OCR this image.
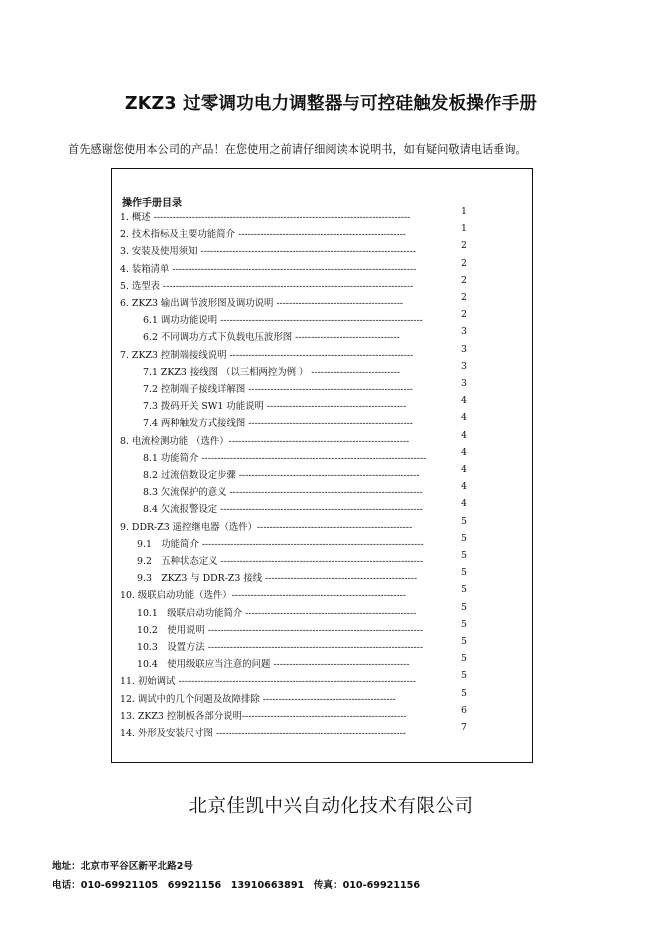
ZKZ3 过零调功电力调整器与可控硅触发板操作手册
首先感谢您使用本公司的产品！在您使用之前请仔细阅读本说明书，如有疑问敬请电话垂询。
操作手册目录
1. 概述 ---------------------------------------------------------------------------------
1
2. 技术指标及主要功能简介 -----------------------------------------------------
1
3. 安装及使用须知 --------------------------------------------------------------------
2
4. 装箱清单 -----------------------------------------------------------------------------
2
5. 选型表 -------------------------------------------------------------------------------
2
6. ZKZ3 输出调节波形图及调功说明 ----------------------------------------
2
6.1 调功功能说明 ----------------------------------------------------------------
2
6.2 不同调功方式下负载电压波形图 ---------------------------------
3
7. ZKZ3 控制端接线说明 ----------------------------------------------------------
3
7.1 ZKZ3 接线图 （以三相两控为例 ） ----------------------------
3
7.2 控制端子接线详解图 ----------------------------------------------------
3
7.3 拨码开关 SW1 功能说明 --------------------------------------------
4
7.4 两种触发方式接线图 ----------------------------------------------------
4
8. 电流检测功能 （选件）---------------------------------------------------------
4
8.1 功能简介 -----------------------------------------------------------------------
4
8.2 过流倍数设定步骤 ---------------------------------------------------------
4
8.3 欠流保护的意义 -------------------------------------------------------------
4
8.4 欠流报警设定 ----------------------------------------------------------------
4
9. DDR-Z3 遥控继电器（选件）-------------------------------------------------
5
9.1　功能简介 ----------------------------------------------------------------------
5
9.2　五种状态定义 ----------------------------------------------------------------
5
9.3　ZKZ3 与 DDR-Z3 接线 ------------------------------------------------
5
10. 级联启动功能（选件）-------------------------------------------------------
5
10.1　级联启动功能简介 ------------------------------------------------------
5
10.2　使用说明 --------------------------------------------------------------------
5
10.3　设置方法 --------------------------------------------------------------------
5
10.4　使用级联应当注意的问题 -------------------------------------------
5
11. 初始调试 ---------------------------------------------------------------------------
5
12. 调试中的几个问题及故障排除 ------------------------------------------
5
13. ZKZ3 控制板各部分说明----------------------------------------------------
6
14. 外形及安装尺寸图 ------------------------------------------------------------
7
北京佳凯中兴自动化技术有限公司
地址：北京市平谷区新平北路2号
电话：010-69921105　69921156　13910663891　传真：010-69921156
